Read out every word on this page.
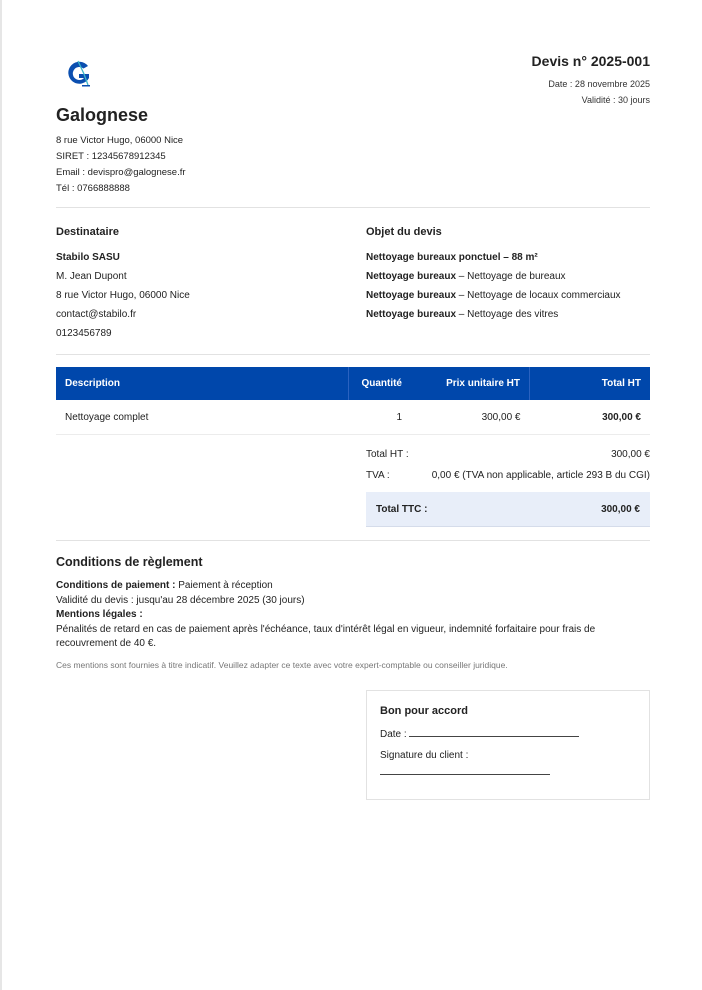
Galognese
8 rue Victor Hugo, 06000 Nice
SIRET : 12345678912345
Email : devispro@galognese.fr
Tél : 0766888888
Devis n° 2025-001
Date : 28 novembre 2025
Validité : 30 jours
Destinataire
Stabilo SASU
M. Jean Dupont
8 rue Victor Hugo, 06000 Nice
contact@stabilo.fr
0123456789
Objet du devis
Nettoyage bureaux ponctuel – 88 m²
Nettoyage bureaux – Nettoyage de bureaux
Nettoyage bureaux – Nettoyage de locaux commerciaux
Nettoyage bureaux – Nettoyage des vitres
Description	Quantité	Prix unitaire HT	Total HT
Nettoyage complet	1	300,00 €	300,00 €
Total HT :	300,00 €
TVA :	0,00 € (TVA non applicable, article 293 B du CGI)
Total TTC :	300,00 €
Conditions de règlement
Conditions de paiement : Paiement à réception
Validité du devis : jusqu'au 28 décembre 2025 (30 jours)
Mentions légales :
Pénalités de retard en cas de paiement après l'échéance, taux d'intérêt légal en vigueur, indemnité forfaitaire pour frais de recouvrement de 40 €.
Ces mentions sont fournies à titre indicatif. Veuillez adapter ce texte avec votre expert-comptable ou conseiller juridique.
Bon pour accord
Date :
Signature du client :
